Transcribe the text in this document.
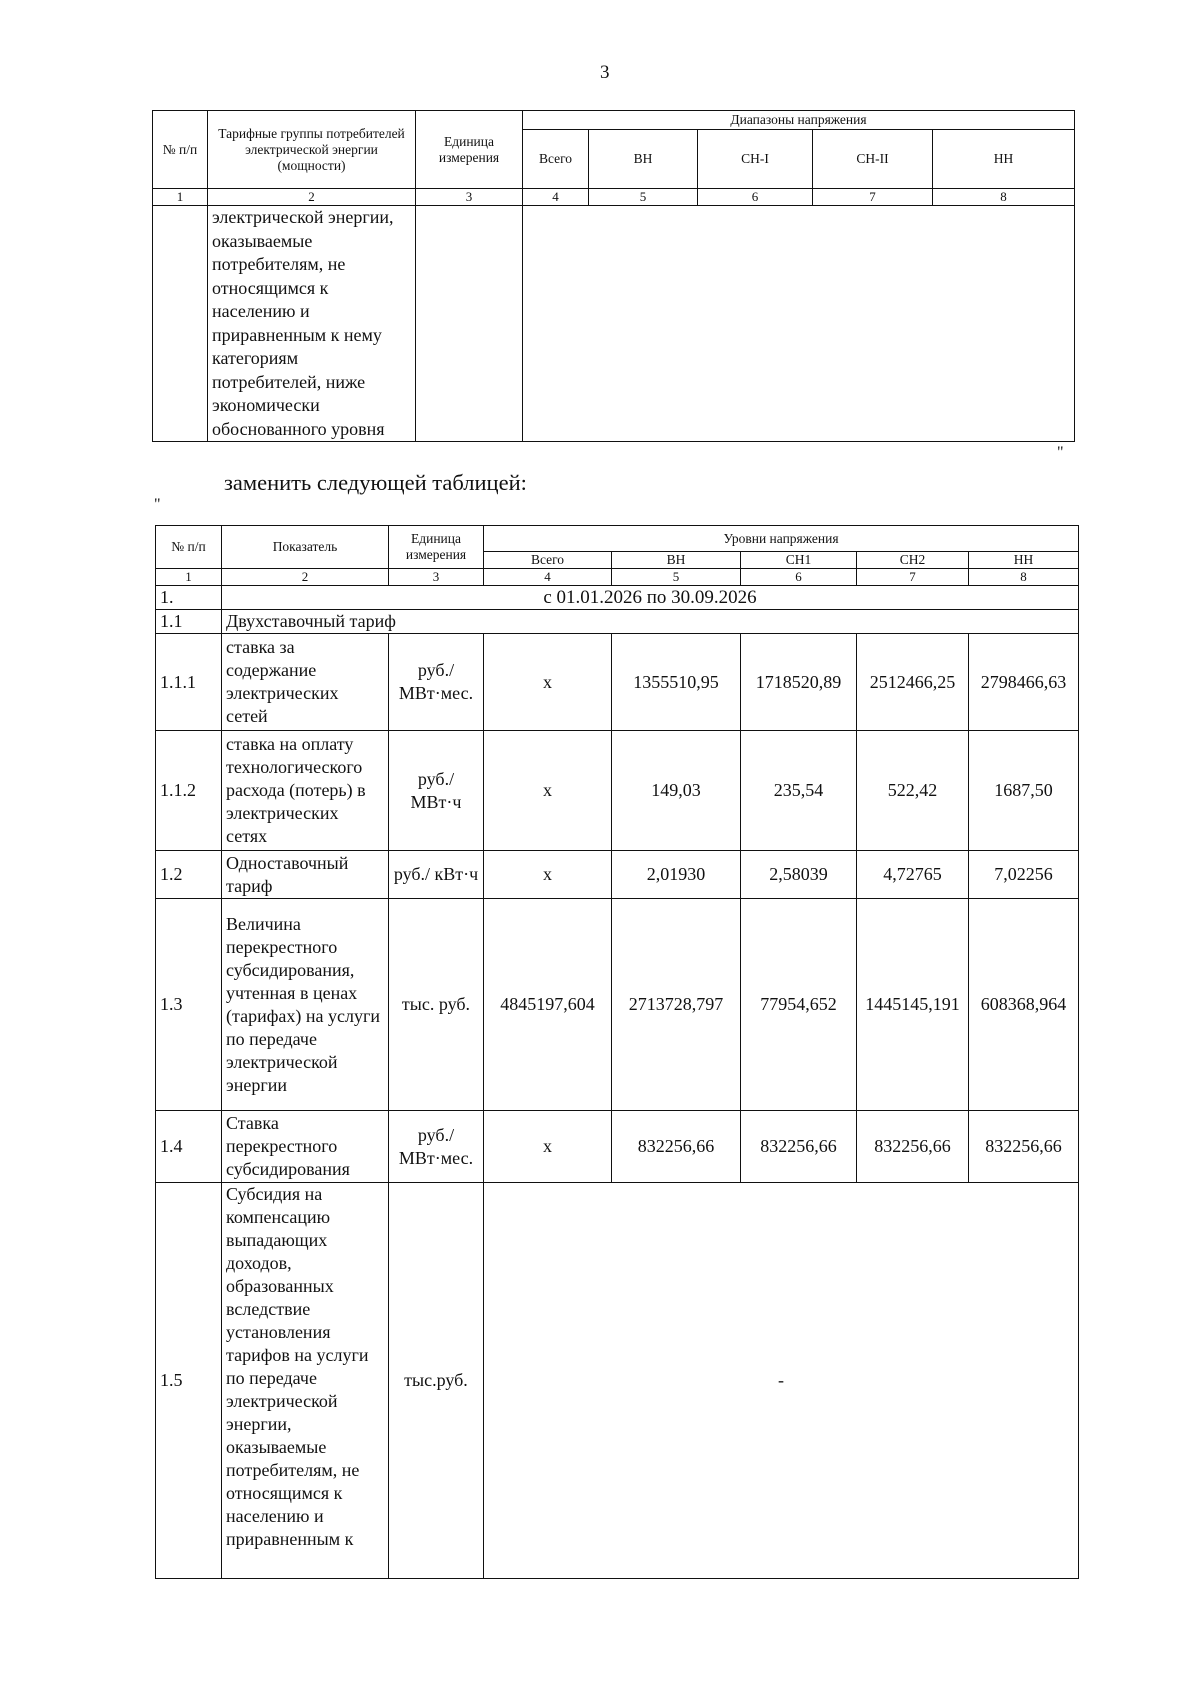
3
№ п/п	Тарифные группы потребителей электрической энергии (мощности)	Единица измерения	Диапазоны напряжения				
			Всего	ВН	СН-I	СН-II	НН
1	2	3	4	5	6	7	8
	электрической энергии, оказываемые потребителям, не относящимся к населению и приравненным к нему категориям потребителей, ниже экономически обоснованного уровня						
"
заменить следующей таблицей:
"
№ п/п	Показатель	Единица измерения	Уровни напряжения				
			Всего	ВН	СН1	СН2	НН
1	2	3	4	5	6	7	8
1.	с 01.01.2026 по 30.09.2026						
1.1	Двухставочный тариф						
1.1.1	ставка за содержание электрических сетей	руб./ МВт·мес.	х	1355510,95	1718520,89	2512466,25	2798466,63
1.1.2	ставка на оплату технологического расхода (потерь) в электрических сетях	руб./ МВт·ч	х	149,03	235,54	522,42	1687,50
1.2	Одноставочный тариф	руб./ кВт·ч	х	2,01930	2,58039	4,72765	7,02256
1.3	Величина перекрестного субсидирования, учтенная в ценах (тарифах) на услуги по передаче электрической энергии	тыс. руб.	4845197,604	2713728,797	77954,652	1445145,191	608368,964
1.4	Ставка перекрестного субсидирования	руб./ МВт·мес.	х	832256,66	832256,66	832256,66	832256,66
1.5	Субсидия на компенсацию выпадающих доходов, образованных вследствие установления тарифов на услуги по передаче электрической энергии, оказываемые потребителям, не относящимся к населению и приравненным к	тыс.руб.	-				
